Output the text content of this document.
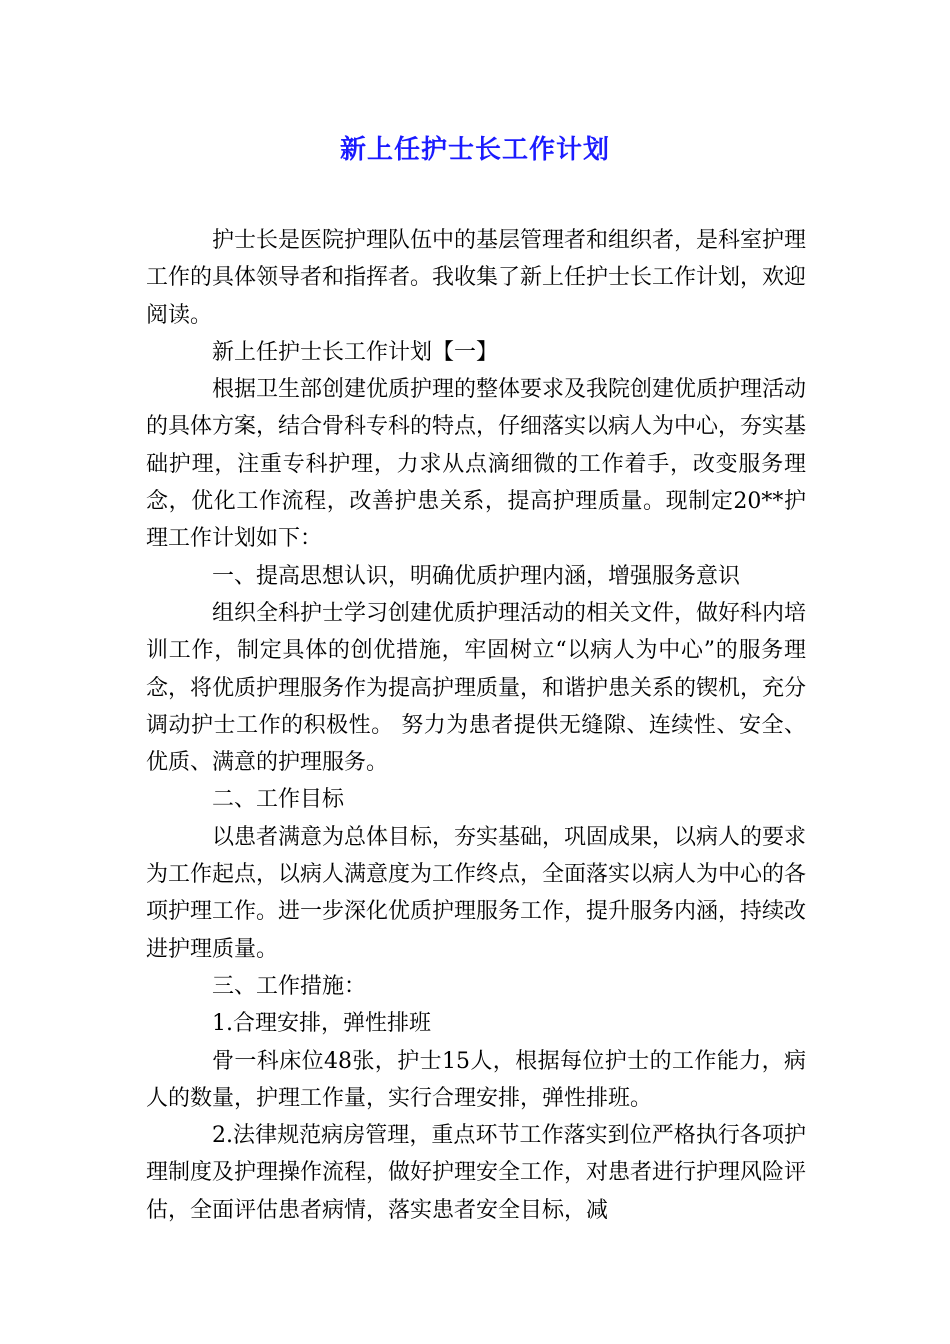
新上任护士长工作计划

护士长是医院护理队伍中的基层管理者和组织者，是科室护理工作的具体领导者和指挥者。我收集了新上任护士长工作计划，欢迎阅读。

新上任护士长工作计划【一】

根据卫生部创建优质护理的整体要求及我院创建优质护理活动的具体方案，结合骨科专科的特点，仔细落实以病人为中心，夯实基础护理，注重专科护理，力求从点滴细微的工作着手，改变服务理念，优化工作流程，改善护患关系，提高护理质量。现制定20**护理工作计划如下：

一、提高思想认识，明确优质护理内涵，增强服务意识

组织全科护士学习创建优质护理活动的相关文件，做好科内培训工作，制定具体的创优措施，牢固树立“以病人为中心”的服务理念，将优质护理服务作为提高护理质量，和谐护患关系的锲机，充分调动护士工作的积极性。 努力为患者提供无缝隙、连续性、安全、优质、满意的护理服务。

二、工作目标

以患者满意为总体目标，夯实基础，巩固成果，以病人的要求为工作起点，以病人满意度为工作终点，全面落实以病人为中心的各项护理工作。进一步深化优质护理服务工作，提升服务内涵，持续改进护理质量。

三、工作措施：

1.合理安排，弹性排班

骨一科床位48张，护士15人，根据每位护士的工作能力，病人的数量，护理工作量，实行合理安排，弹性排班。

2.法律规范病房管理，重点环节工作落实到位严格执行各项护理制度及护理操作流程，做好护理安全工作，对患者进行护理风险评估，全面评估患者病情，落实患者安全目标，减
